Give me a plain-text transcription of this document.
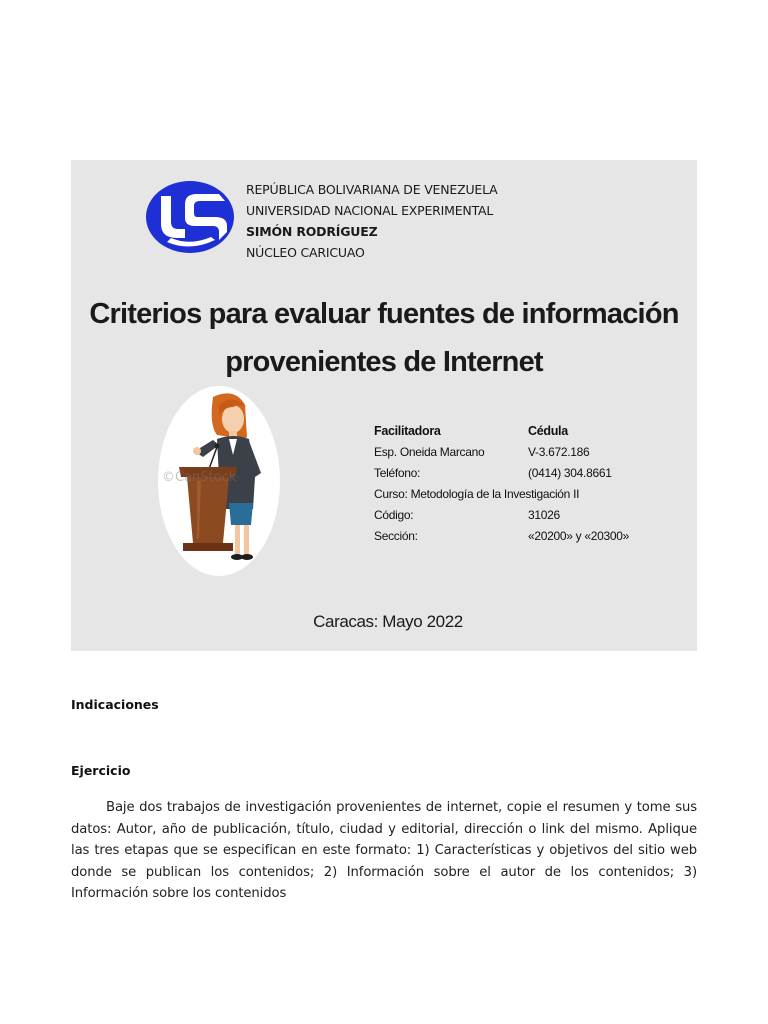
REPÚBLICA BOLIVARIANA DE VENEZUELA
UNIVERSIDAD NACIONAL EXPERIMENTAL
SIMÓN RODRÍGUEZ
NÚCLEO CARICUAO
Criterios para evaluar fuentes de información
provenientes de Internet
©CanStock
Facilitadora	Cédula
Esp. Oneida Marcano	V-3.672.186
Teléfono:	(0414) 304.8661
Curso: Metodología de la Investigación II
Código:	31026
Sección:	«20200» y «20300»
Caracas: Mayo 2022
Indicaciones
Ejercicio
Baje dos trabajos de investigación provenientes de internet, copie el resumen y tome sus datos: Autor, año de publicación, título, ciudad y editorial, dirección o link del mismo. Aplique las tres etapas que se especifican en este formato: 1) Características y objetivos del sitio web donde se publican los contenidos; 2) Información sobre el autor de los contenidos; 3) Información sobre los contenidos
